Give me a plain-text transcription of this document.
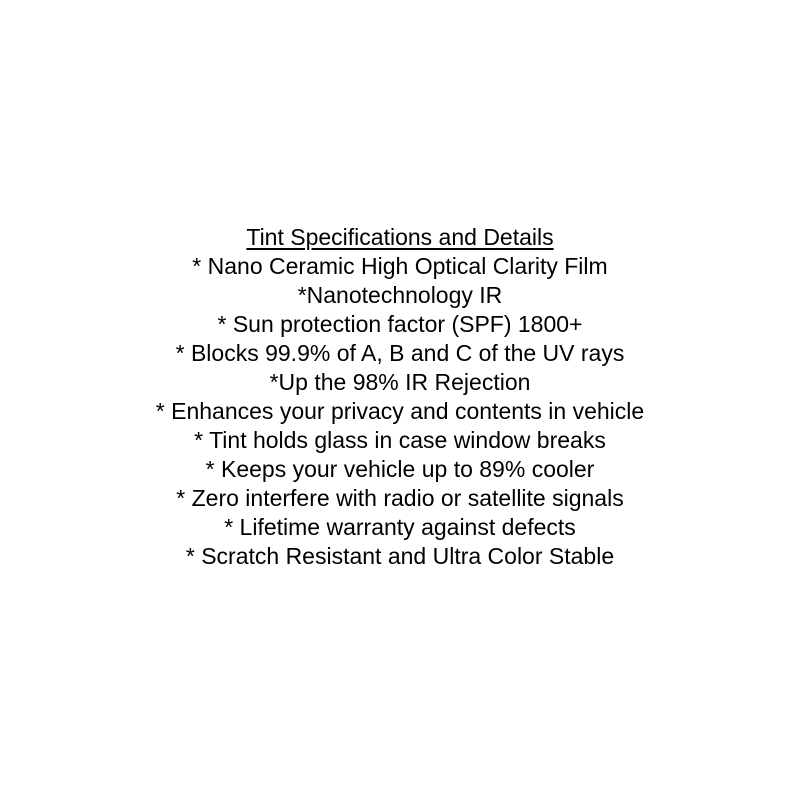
Tint Specifications and Details
* Nano Ceramic High Optical Clarity Film
*Nanotechnology IR
* Sun protection factor (SPF) 1800+
* Blocks 99.9% of A, B and C of the UV rays
*Up the 98% IR Rejection
* Enhances your privacy and contents in vehicle
* Tint holds glass in case window breaks
* Keeps your vehicle up to 89% cooler
* Zero interfere with radio or satellite signals
* Lifetime warranty against defects
* Scratch Resistant and Ultra Color Stable
